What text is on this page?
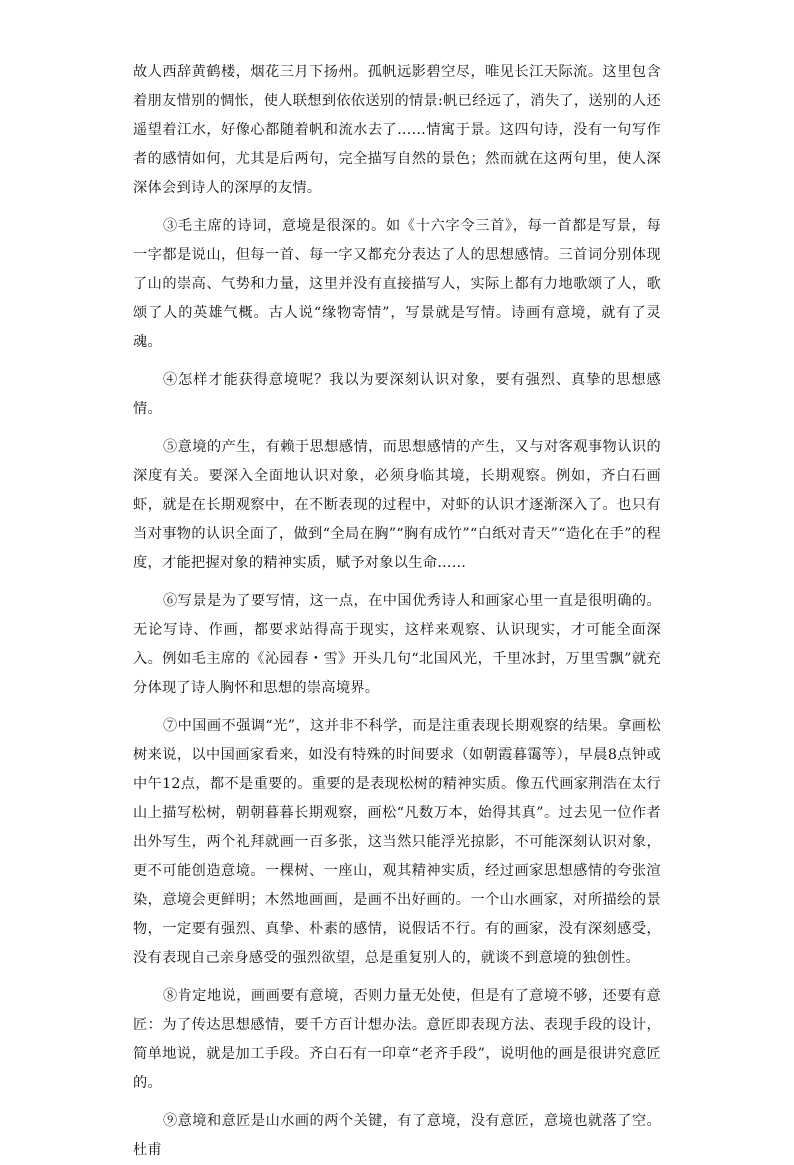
故人西辞黄鹤楼，烟花三月下扬州。孤帆远影碧空尽，唯见长江天际流。这里包含着朋友惜别的惆怅，使人联想到依依送别的情景:帆已经远了，消失了，送别的人还遥望着江水，好像心都随着帆和流水去了……情寓于景。这四句诗，没有一句写作者的感情如何，尤其是后两句，完全描写自然的景色；然而就在这两句里，使人深深体会到诗人的深厚的友情。

③毛主席的诗词，意境是很深的。如《十六字令三首》，每一首都是写景，每一字都是说山，但每一首、每一字又都充分表达了人的思想感情。三首词分别体现了山的崇高、气势和力量，这里并没有直接描写人，实际上都有力地歌颂了人，歌颂了人的英雄气概。古人说“缘物寄情”，写景就是写情。诗画有意境，就有了灵魂。

④怎样才能获得意境呢？我以为要深刻认识对象，要有强烈、真挚的思想感情。

⑤意境的产生，有赖于思想感情，而思想感情的产生，又与对客观事物认识的深度有关。要深入全面地认识对象，必须身临其境，长期观察。例如，齐白石画虾，就是在长期观察中，在不断表现的过程中，对虾的认识才逐渐深入了。也只有当对事物的认识全面了，做到“全局在胸”“胸有成竹”“白纸对青天”“造化在手”的程度，才能把握对象的精神实质，赋予对象以生命……

⑥写景是为了要写情，这一点，在中国优秀诗人和画家心里一直是很明确的。无论写诗、作画，都要求站得高于现实，这样来观察、认识现实，才可能全面深入。例如毛主席的《沁园春・雪》开头几句“北国风光，千里冰封，万里雪飘”就充分体现了诗人胸怀和思想的崇高境界。

⑦中国画不强调“光”，这并非不科学，而是注重表现长期观察的结果。拿画松树来说，以中国画家看来，如没有特殊的时间要求（如朝霞暮霭等），早晨8点钟或中午12点，都不是重要的。重要的是表现松树的精神实质。像五代画家荆浩在太行山上描写松树，朝朝暮暮长期观察，画松“凡数万本，始得其真”。过去见一位作者出外写生，两个礼拜就画一百多张，这当然只能浮光掠影，不可能深刻认识对象，更不可能创造意境。一棵树、一座山，观其精神实质，经过画家思想感情的夸张渲染，意境会更鲜明；木然地画画，是画不出好画的。一个山水画家，对所描绘的景物，一定要有强烈、真挚、朴素的感情，说假话不行。有的画家，没有深刻感受，没有表现自己亲身感受的强烈欲望，总是重复别人的，就谈不到意境的独创性。

⑧肯定地说，画画要有意境，否则力量无处使，但是有了意境不够，还要有意匠：为了传达思想感情，要千方百计想办法。意匠即表现方法、表现手段的设计，简单地说，就是加工手段。齐白石有一印章“老齐手段”，说明他的画是很讲究意匠的。

⑨意境和意匠是山水画的两个关键，有了意境，没有意匠，意境也就落了空。杜甫
